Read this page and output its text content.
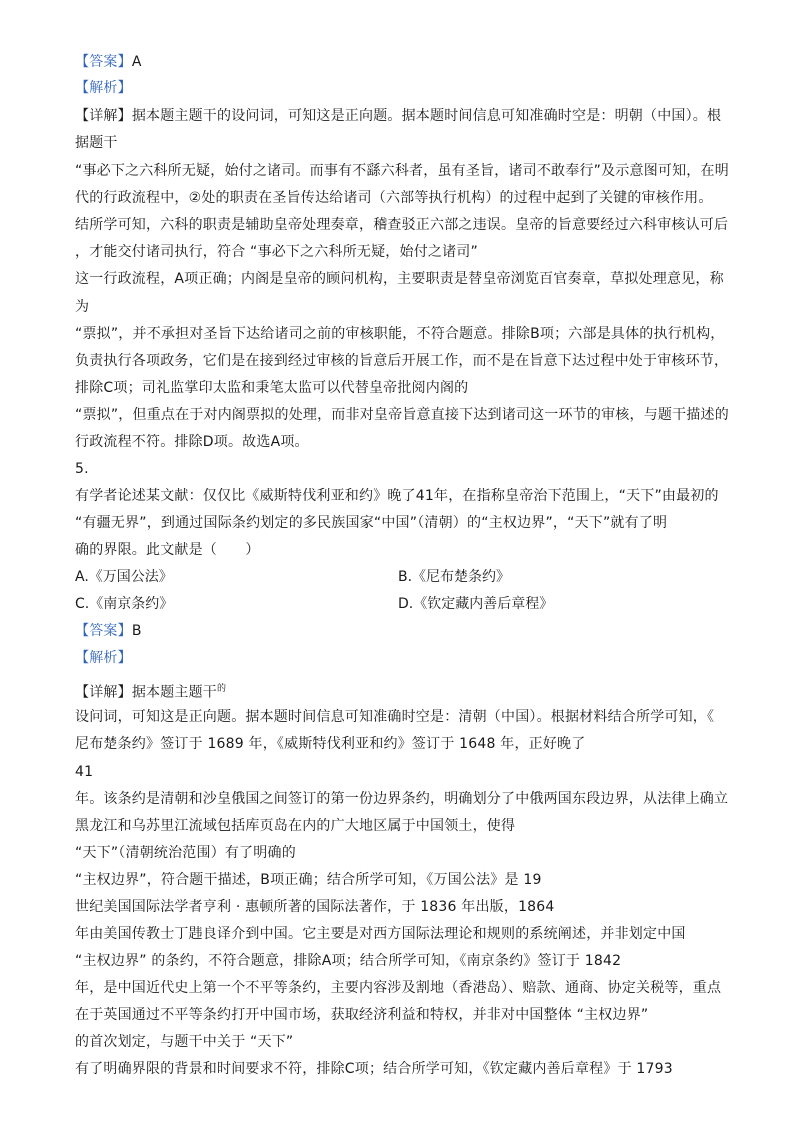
【答案】A
【解析】
【详解】据本题主题干的设问词，可知这是正向题。据本题时间信息可知准确时空是：明朝（中国）。根
据题干
“事必下之六科所无疑，始付之诸司。而事有不繇六科者，虽有圣旨，诸司不敢奉行”及示意图可知，在明
代的行政流程中，②处的职责在圣旨传达给诸司（六部等执行机构）的过程中起到了关键的审核作用。
结所学可知，六科的职责是辅助皇帝处理奏章，稽查驳正六部之违误。皇帝的旨意要经过六科审核认可后
，才能交付诸司执行，符合 “事必下之六科所无疑，始付之诸司”
这一行政流程，A项正确；内阁是皇帝的顾问机构，主要职责是替皇帝浏览百官奏章，草拟处理意见，称
为
“票拟”，并不承担对圣旨下达给诸司之前的审核职能，不符合题意。排除B项；六部是具体的执行机构，
负责执行各项政务，它们是在接到经过审核的旨意后开展工作，而不是在旨意下达过程中处于审核环节，
排除C项；司礼监掌印太监和秉笔太监可以代替皇帝批阅内阁的
“票拟”，但重点在于对内阁票拟的处理，而非对皇帝旨意直接下达到诸司这一环节的审核，与题干描述的
行政流程不符。排除D项。故选A项。
5.
有学者论述某文献：仅仅比《威斯特伐利亚和约》晚了41年，在指称皇帝治下范围上，“天下”由最初的
“有疆无界”，到通过国际条约划定的多民族国家“中国”（清朝）的“主权边界”，“天下”就有了明
确的界限。此文献是（　　）
A.《万国公法》	B.《尼布楚条约》
C.《南京条约》	D.《钦定藏内善后章程》
【答案】B
【解析】
【详解】据本题主题干$^的$
设问词，可知这是正向题。据本题时间信息可知准确时空是：清朝（中国）。根据材料结合所学可知，《
尼布楚条约》签订于 1689 年，《威斯特伐利亚和约》签订于 1648 年，正好晚了
41
年。该条约是清朝和沙皇俄国之间签订的第一份边界条约，明确划分了中俄两国东段边界，从法律上确立
黑龙江和乌苏里江流域包括库页岛在内的广大地区属于中国领土，使得
“天下”（清朝统治范围）有了明确的
“主权边界”，符合题干描述，B项正确；结合所学可知，《万国公法》是 19
世纪美国国际法学者亨利 · 惠顿所著的国际法著作，于 1836 年出版，1864
年由美国传教士丁韪良译介到中国。它主要是对西方国际法理论和规则的系统阐述，并非划定中国
“主权边界” 的条约，不符合题意，排除A项；结合所学可知，《南京条约》签订于 1842
年，是中国近代史上第一个不平等条约，主要内容涉及割地（香港岛）、赔款、通商、协定关税等，重点
在于英国通过不平等条约打开中国市场，获取经济利益和特权，并非对中国整体 “主权边界”
的首次划定，与题干中关于 “天下”
有了明确界限的背景和时间要求不符，排除C项；结合所学可知，《钦定藏内善后章程》于 1793
